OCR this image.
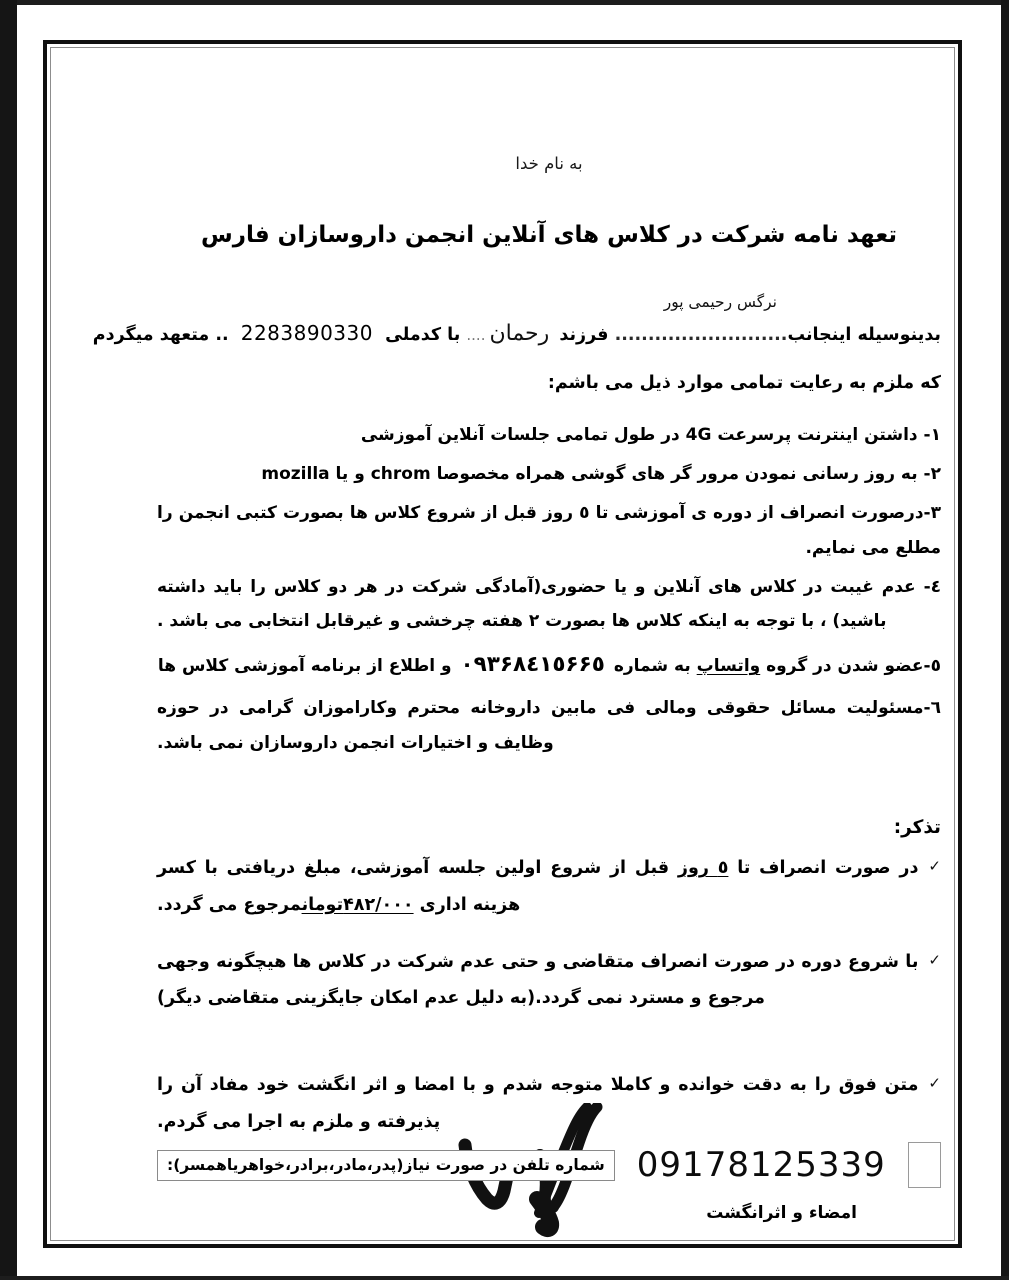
به نام خدا
تعهد نامه شرکت در کلاس های آنلاین انجمن داروسازان فارس
نرگس رحیمی پور
بدینوسیله اینجانب.......................... فرزند رحمان.... با کدملی 2283890330 .. متعهد میگردم
که ملزم به رعایت تمامی موارد ذیل می باشم:
۱- داشتن اینترنت پرسرعت 4G در طول تمامی جلسات آنلاین آموزشی
۲- به روز رسانی نمودن مرور گر های گوشی همراه مخصوصا chrom و یا mozilla
۳-درصورت انصراف از دوره ی آموزشی تا ٥ روز قبل از شروع کلاس ها بصورت کتبی انجمن را مطلع می نمایم.
٤- عدم غیبت در کلاس های آنلاین و یا حضوری(آمادگی شرکت در هر دو کلاس را باید داشته باشید) ، با توجه به اینکه کلاس ها بصورت ۲ هفته چرخشی و غیرقابل انتخابی می باشد .
٥-عضو شدن در گروه واتساپ به شماره ۰۹۳۶۸٤۱٥۶۶٥ و اطلاع از برنامه آموزشی کلاس ها
٦-مسئولیت مسائل حقوقی ومالی فی مابین داروخانه محترم وکاراموزان گرامی در حوزه وظایف و اختیارات انجمن داروسازان نمی باشد.
تذکر:
✓
در صورت انصراف تا ٥ روز قبل از شروع اولین جلسه آموزشی، مبلغ دریافتی با کسر هزینه اداری ۴۸۲/۰۰۰تومانمرجوع می گردد.
✓
با شروع دوره در صورت انصراف متقاضی و حتی عدم شرکت در کلاس ها هیچگونه وجهی مرجوع و مسترد نمی گردد.(به دلیل عدم امکان جایگزینی متقاضی دیگر)
✓
متن فوق را به دقت خوانده و کاملا متوجه شدم و با امضا و اثر انگشت خود مفاد آن را پذیرفته و ملزم به اجرا می گردم.
امضاء و اثرانگشت
09178125339
شماره تلفن در صورت نیاز(پدر،مادر،برادر،خواهریاهمسر):
